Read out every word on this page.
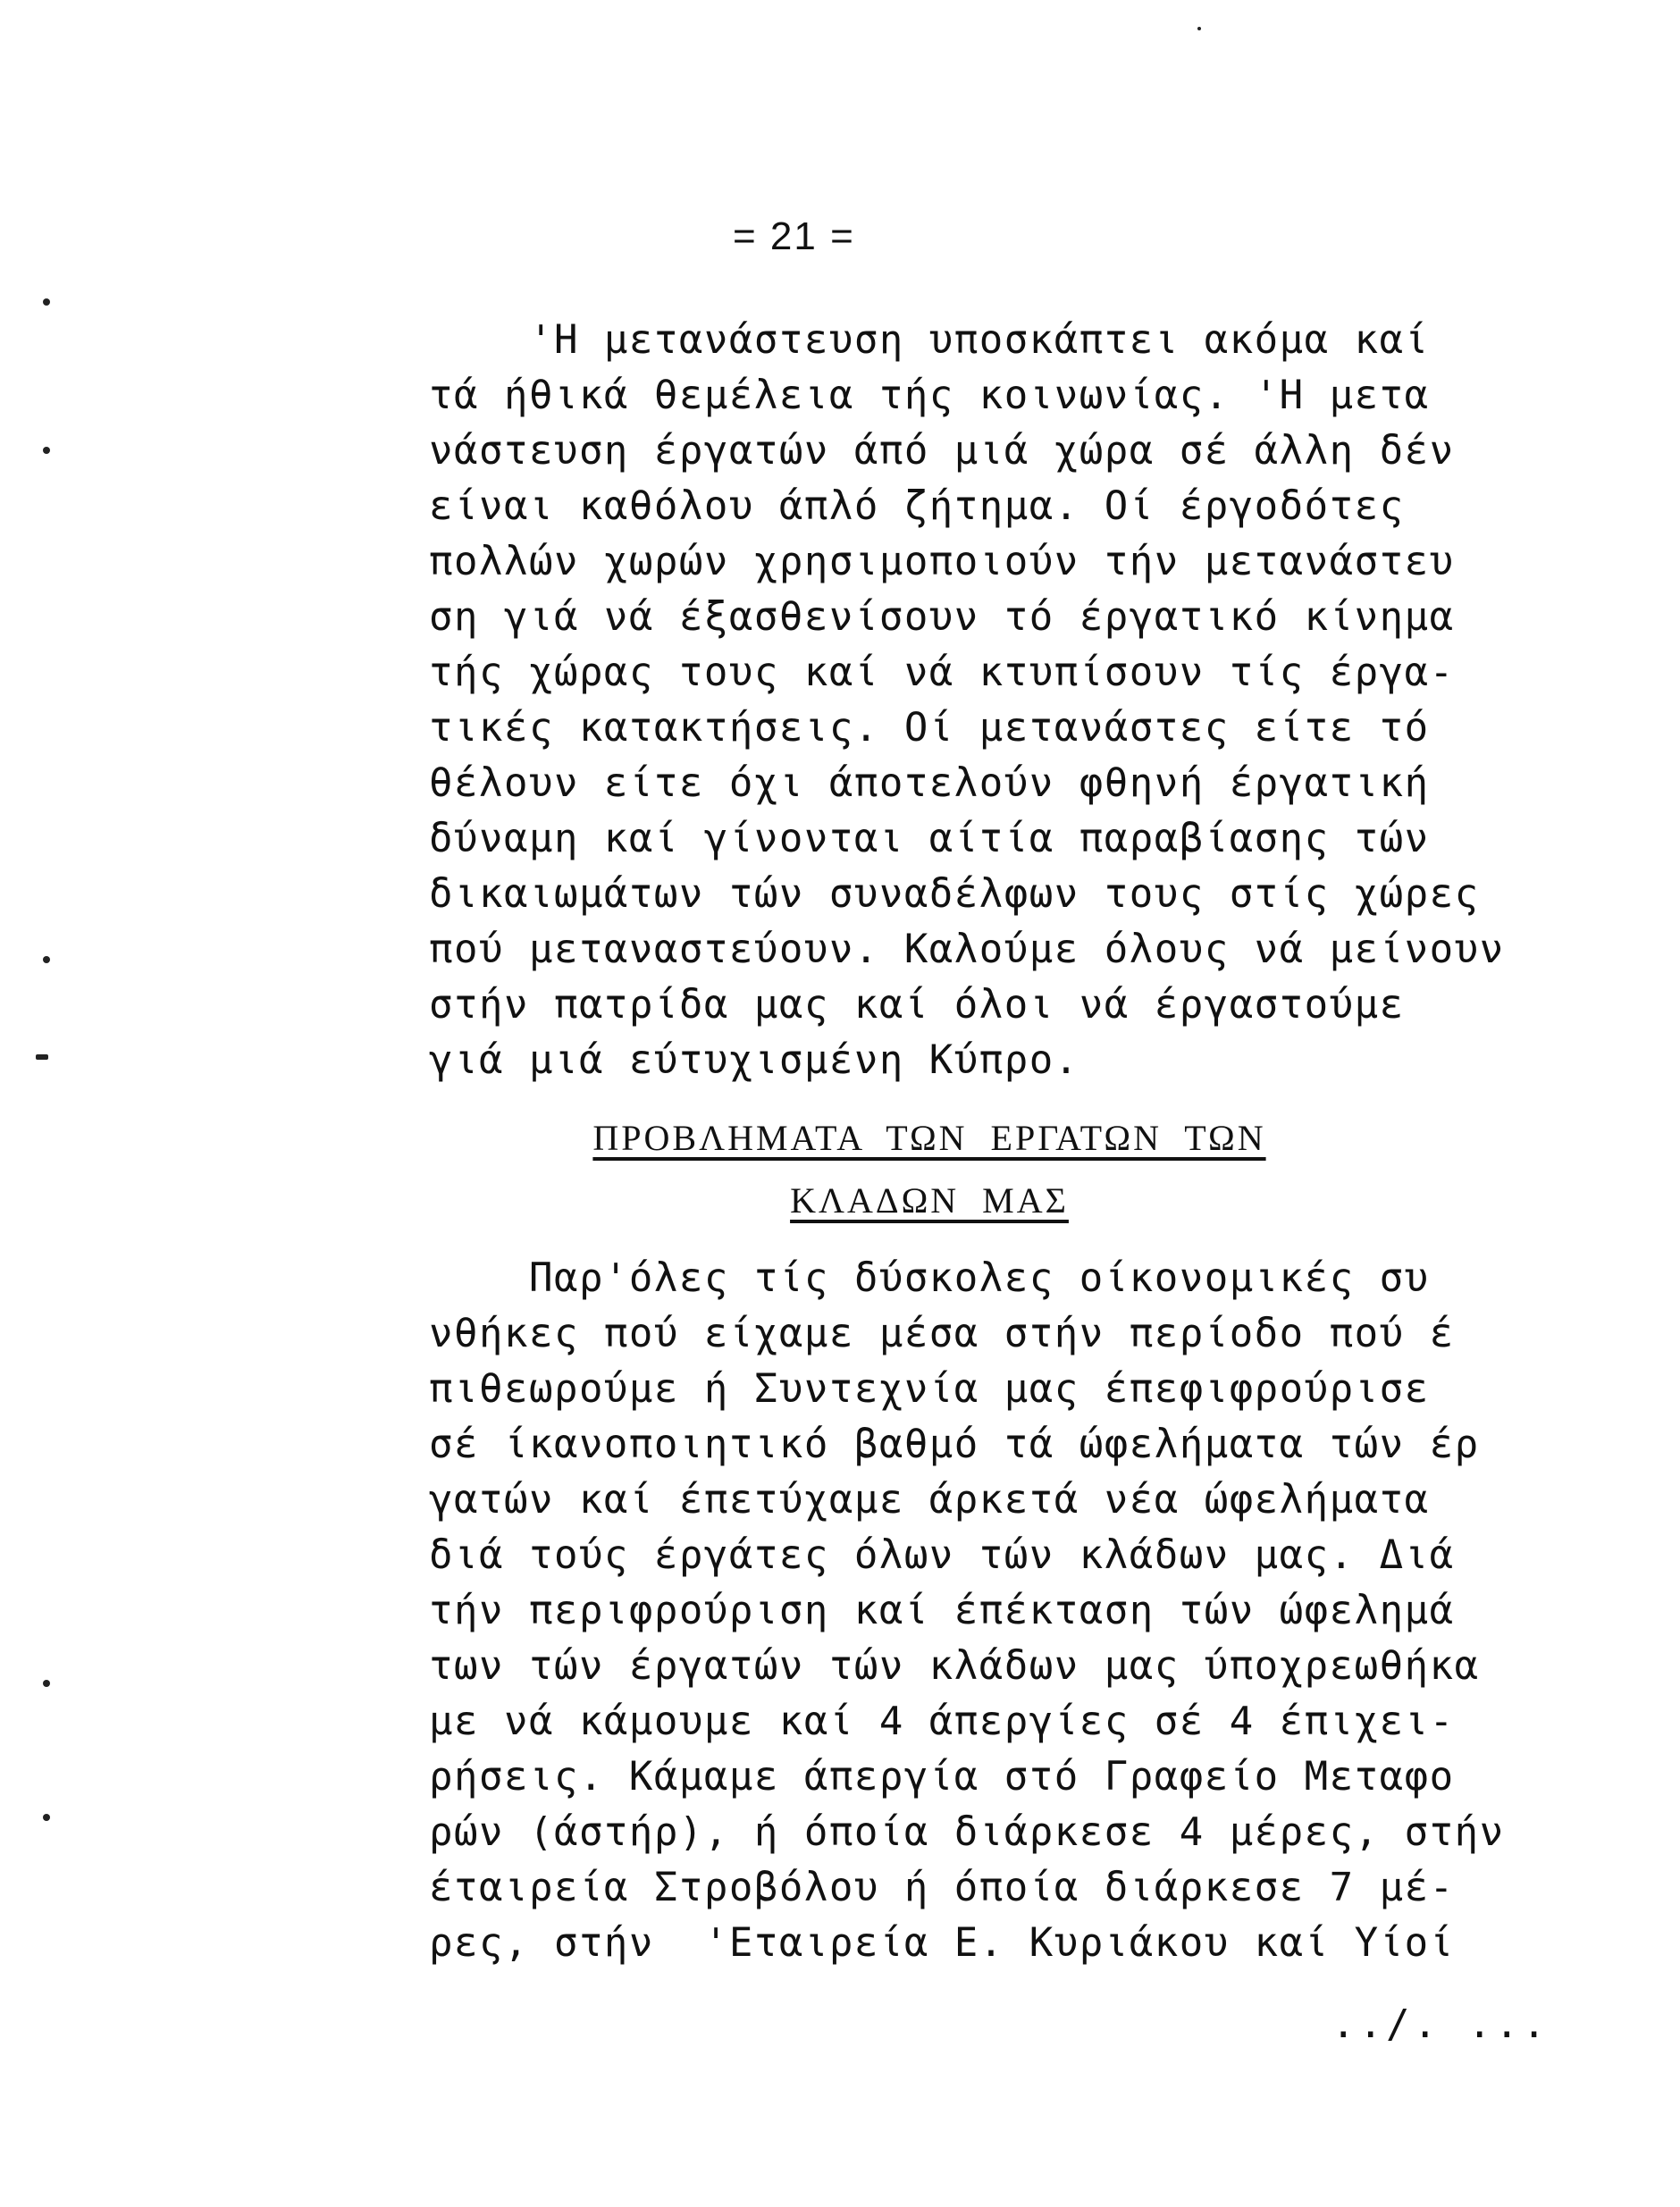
= 21 =
'Η μετανάστευση υποσκάπτει ακόμα καί
τά ήθικά θεμέλεια τής κοινωνίας. 'Η μετα
νάστευση έργατών άπό μιά χώρα σέ άλλη δέν
είναι καθόλου άπλό ζήτημα. Οί έργοδότες
πολλών χωρών χρησιμοποιούν τήν μετανάστευ
ση γιά νά έξασθενίσουν τό έργατικό κίνημα
τής χώρας τους καί νά κτυπίσουν τίς έργα-
τικές κατακτήσεις. Οί μετανάστες είτε τό
θέλουν είτε όχι άποτελούν φθηνή έργατική
δύναμη καί γίνονται αίτία παραβίασης τών
δικαιωμάτων τών συναδέλφων τους στίς χώρες
πού μεταναστεύουν. Καλούμε όλους νά μείνουν
στήν πατρίδα μας καί όλοι νά έργαστούμε
γιά μιά εύτυχισμένη Κύπρο.
ΠΡΟΒΛΗΜΑΤΑ  ΤΩΝ  ΕΡΓΑΤΩΝ  ΤΩΝ
ΚΛΑΔΩΝ  ΜΑΣ
Παρ'όλες τίς δύσκολες οίκονομικές συ
νθήκες πού είχαμε μέσα στήν περίοδο πού έ
πιθεωρούμε ή Συντεχνία μας έπεφιφρούρισε
σέ ίκανοποιητικό βαθμό τά ώφελήματα τών έρ
γατών καί έπετύχαμε άρκετά νέα ώφελήματα
διά τούς έργάτες όλων τών κλάδων μας. Διά
τήν περιφρούριση καί έπέκταση τών ώφελημά
των τών έργατών τών κλάδων μας ύποχρεωθήκα
με νά κάμουμε καί 4 άπεργίες σέ 4 έπιχει-
ρήσεις. Κάμαμε άπεργία στό Γραφείο Μεταφο
ρών (άστήρ), ή όποία διάρκεσε 4 μέρες, στήν
έταιρεία Στροβόλου ή όποία διάρκεσε 7 μέ-
ρες, στήν  'Εταιρεία Ε. Κυριάκου καί Υίοί
../. ...
